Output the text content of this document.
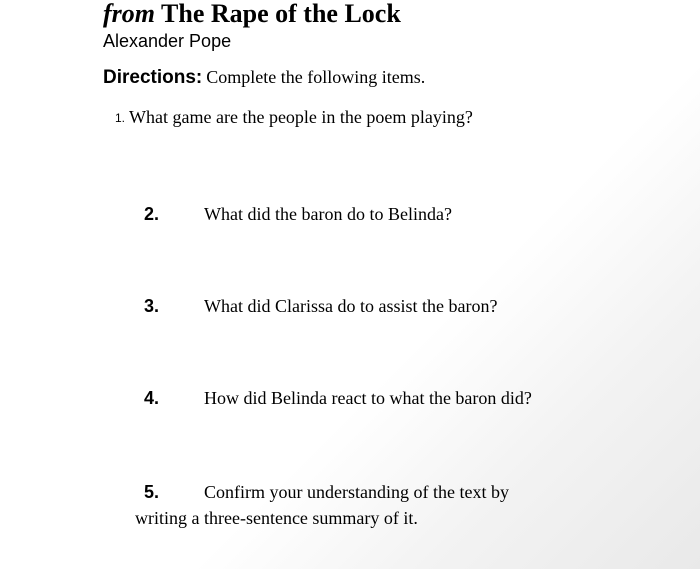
from The Rape of the Lock
Alexander Pope
Directions: Complete the following items.
1. What game are the people in the poem playing?
2. What did the baron do to Belinda?
3. What did Clarissa do to assist the baron?
4. How did Belinda react to what the baron did?
5. Confirm your understanding of the text by
writing a three-sentence summary of it.
